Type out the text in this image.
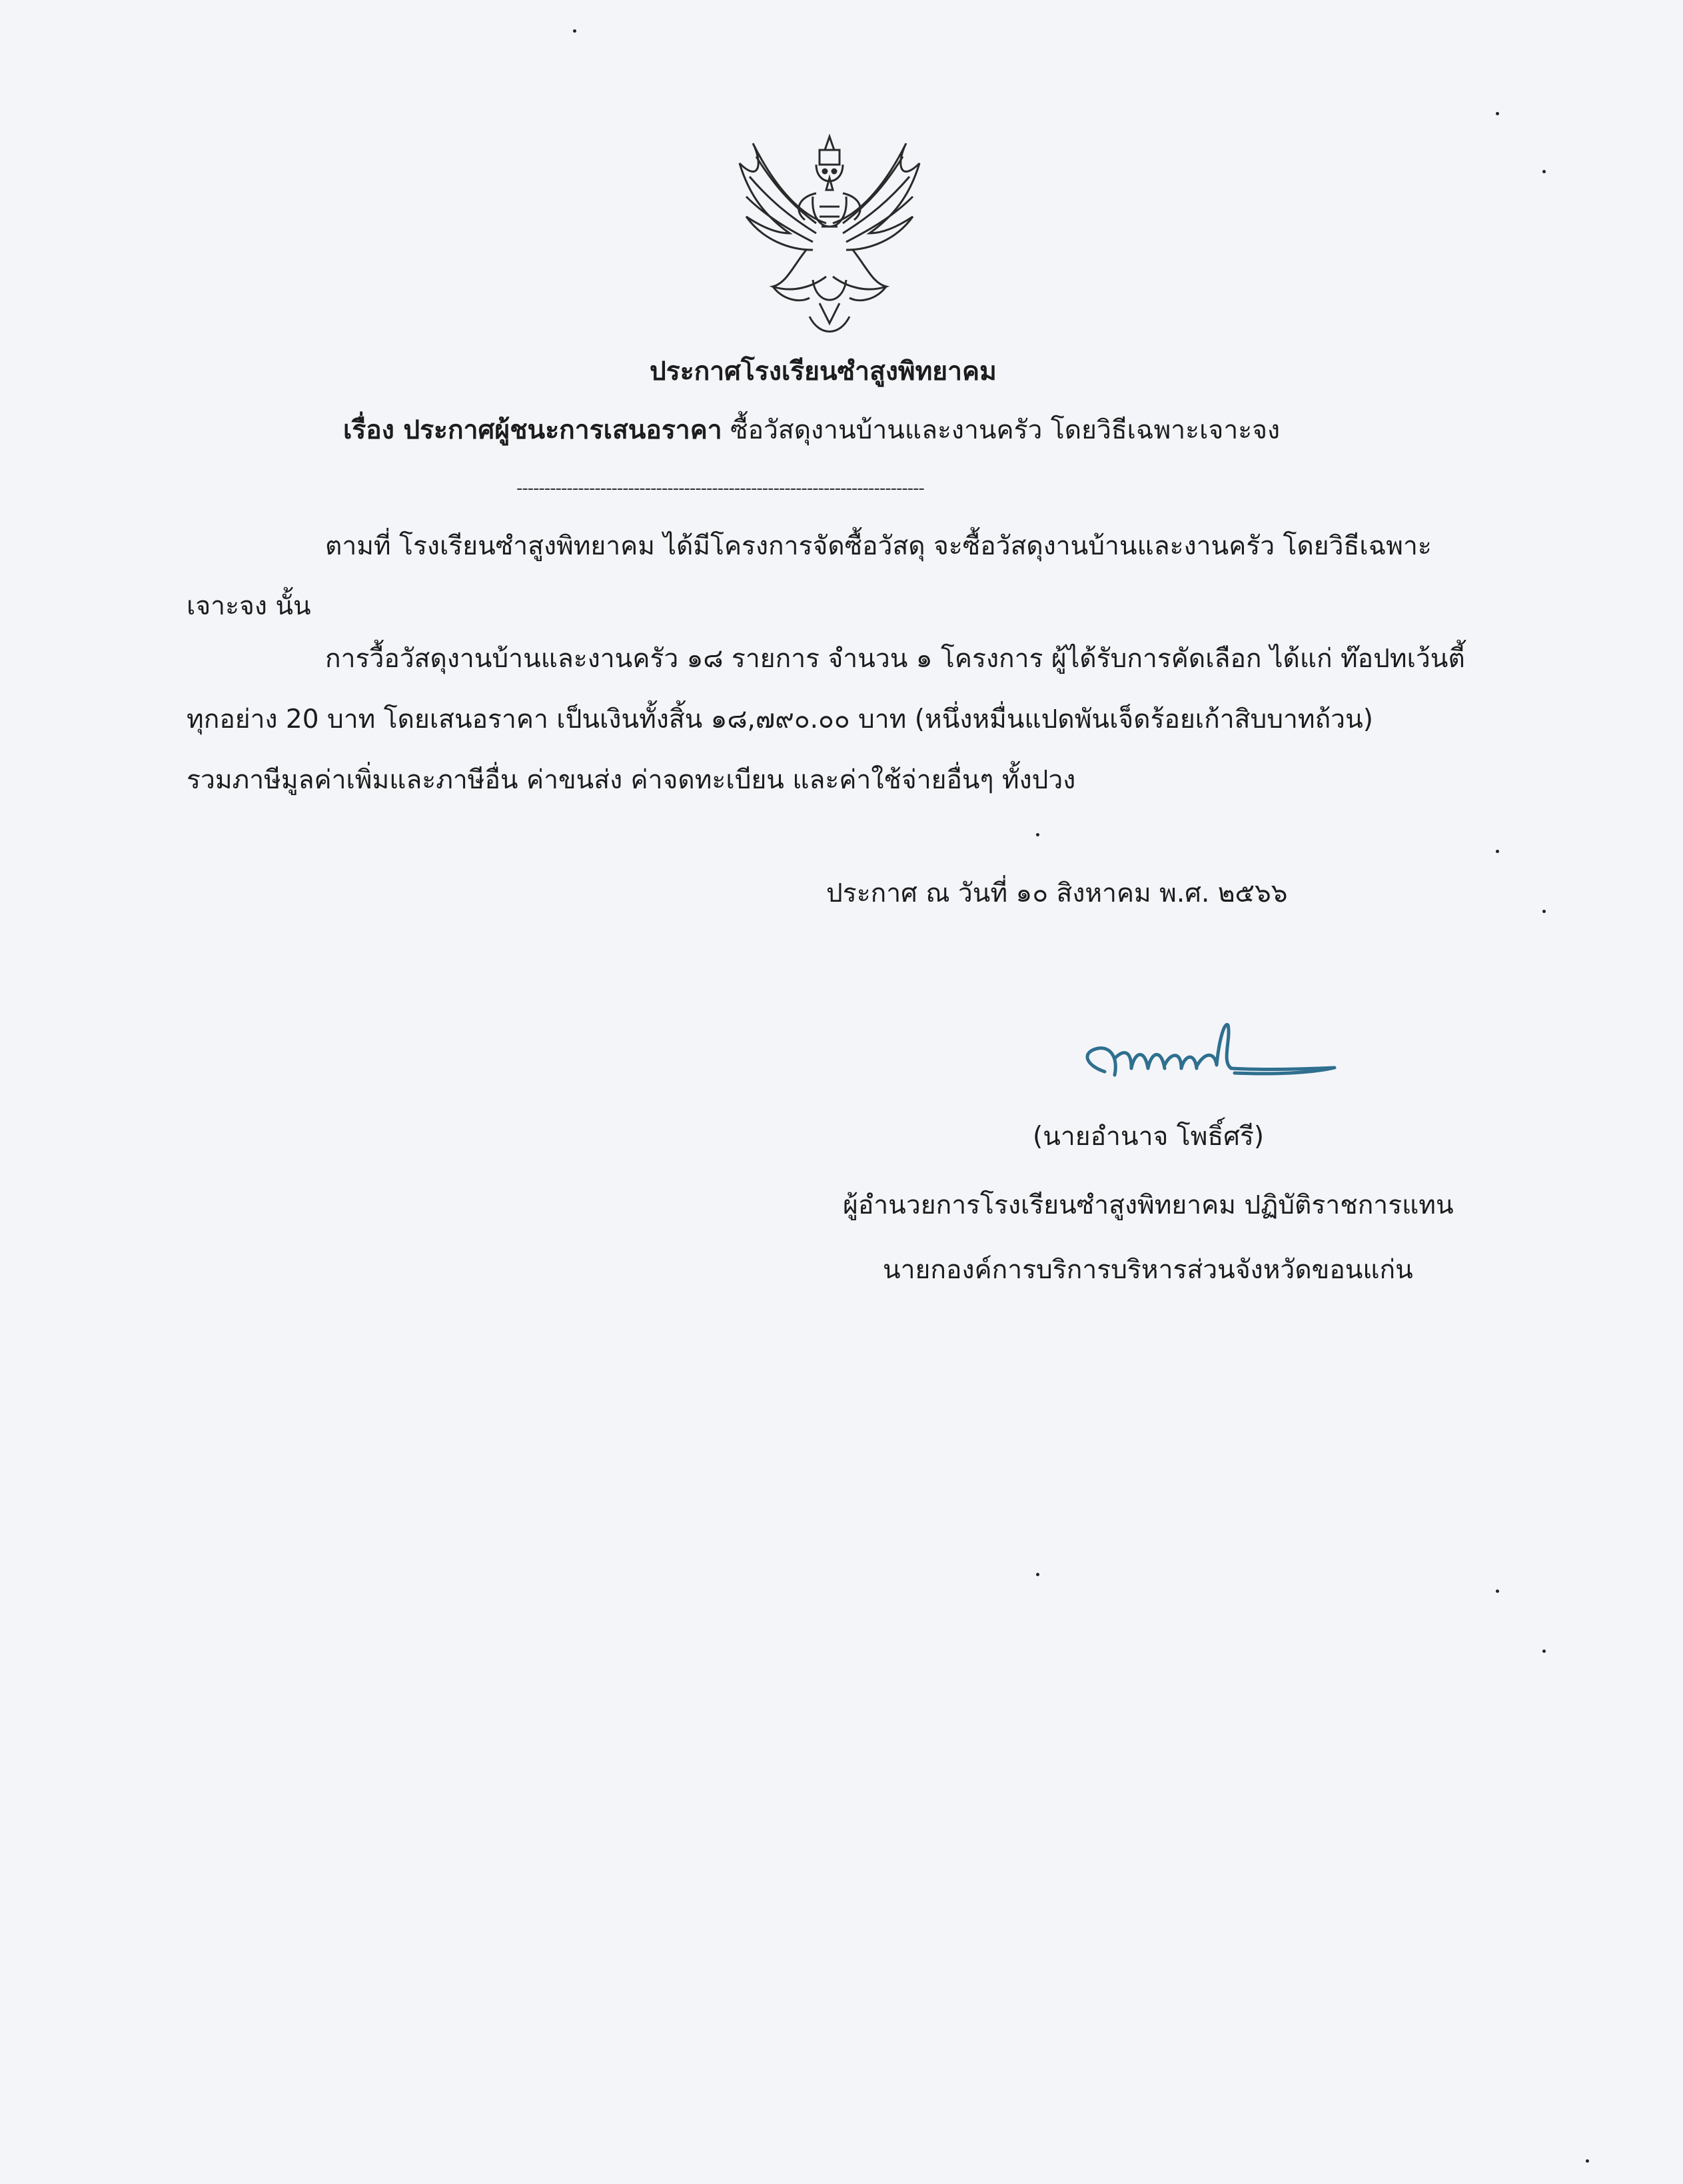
ประกาศโรงเรียนซำสูงพิทยาคม
เรื่อง ประกาศผู้ชนะการเสนอราคา ซื้อวัสดุงานบ้านและงานครัว โดยวิธีเฉพาะเจาะจง
-------------------------------------------------------------------------
ตามที่ โรงเรียนซำสูงพิทยาคม ได้มีโครงการจัดซื้อวัสดุ จะซื้อวัสดุงานบ้านและงานครัว โดยวิธีเฉพาะ
เจาะจง นั้น
การวื้อวัสดุงานบ้านและงานครัว ๑๘ รายการ จำนวน ๑ โครงการ ผู้ได้รับการคัดเลือก ได้แก่ ท๊อปทเว้นตี้
ทุกอย่าง 20 บาท โดยเสนอราคา เป็นเงินทั้งสิ้น ๑๘,๗๙๐.๐๐ บาท (หนึ่งหมื่นแปดพันเจ็ดร้อยเก้าสิบบาทถ้วน)
รวมภาษีมูลค่าเพิ่มและภาษีอื่น ค่าขนส่ง ค่าจดทะเบียน และค่าใช้จ่ายอื่นๆ ทั้งปวง
ประกาศ ณ วันที่ ๑๐ สิงหาคม พ.ศ. ๒๕๖๖
(นายอำนาจ โพธิ์ศรี)
ผู้อำนวยการโรงเรียนซำสูงพิทยาคม ปฏิบัติราชการแทน
นายกองค์การบริการบริหารส่วนจังหวัดขอนแก่น
